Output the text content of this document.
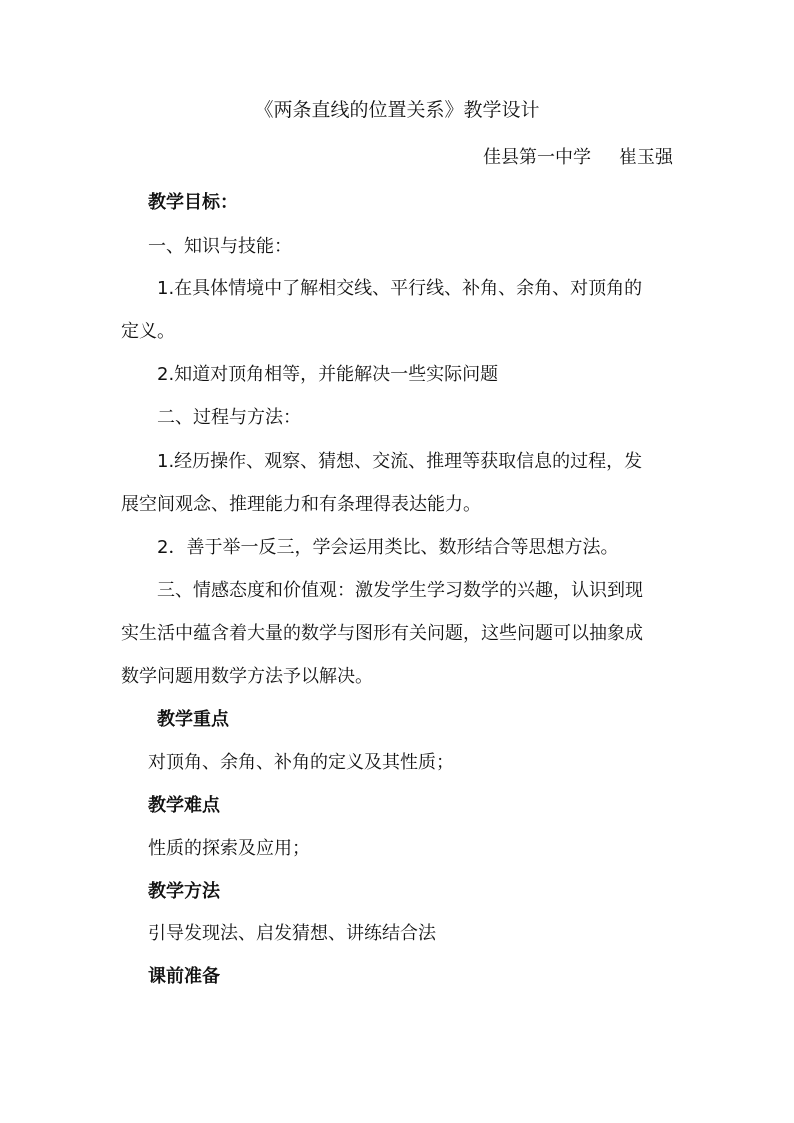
《两条直线的位置关系》教学设计
佳县第一中学 崔玉强
教学目标：
一、知识与技能：
1.在具体情境中了解相交线、平行线、补角、余角、对顶角的
定义。
2.知道对顶角相等，并能解决一些实际问题
二、过程与方法：
1.经历操作、观察、猜想、交流、推理等获取信息的过程，发
展空间观念、推理能力和有条理得表达能力。
2．善于举一反三，学会运用类比、数形结合等思想方法。
三、情感态度和价值观：激发学生学习数学的兴趣，认识到现
实生活中蕴含着大量的数学与图形有关问题，这些问题可以抽象成
数学问题用数学方法予以解决。
教学重点
对顶角、余角、补角的定义及其性质；
教学难点
性质的探索及应用；
教学方法
引导发现法、启发猜想、讲练结合法
课前准备
